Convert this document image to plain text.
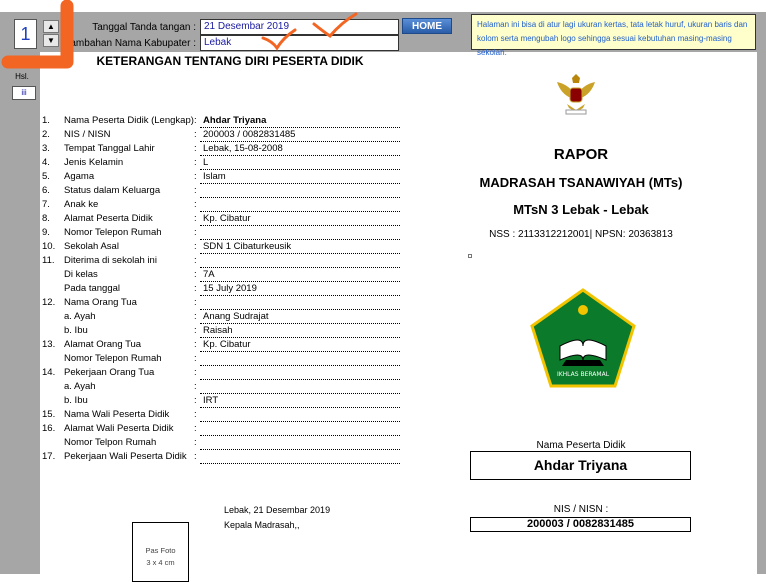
1	▲
▼
Tanggal Tanda tangan : 21 Desembar 2019
Tambahan Nama Kabupater : Lebak
HOME	Halaman ini bisa di atur lagi ukuran kertas, tata letak huruf, ukuran baris dan kolom serta mengubah logo sehingga sesuai kebutuhan masing-masing sekolah.
KETERANGAN TENTANG DIRI PESERTA DIDIK
Hsl.
iii
1. Nama Peserta Didik (Lengkap) : Ahdar Triyana
2. NIS / NISN	: 200003 / 0082831485
3. Tempat Tanggal Lahir	: Lebak, 15-08-2008
4. Jenis Kelamin	: L
5. Agama	: Islam
6. Status dalam Keluarga	:
7. Anak ke	:
8. Alamat Peserta Didik	: Kp. Cibatur
9. Nomor Telepon Rumah	:
10. Sekolah Asal	: SDN 1 Cibaturkeusik
11. Diterima di sekolah ini	:
Di kelas	: 7A
Pada tanggal	: 15 July 2019
12. Nama Orang Tua	:
a. Ayah	: Anang Sudrajat
b. Ibu	: Raisah
13. Alamat Orang Tua	: Kp. Cibatur
Nomor Telepon Rumah	:
14. Pekerjaan Orang Tua	:
a. Ayah	:
b. Ibu	: IRT
15. Nama Wali Peserta Didik	:
16. Alamat Wali Peserta Didik :
Nomor Telpon Rumah	:
17. Pekerjaan Wali Peserta Didik :
Lebak, 21 Desembar 2019
Kepala Madrasah,,
Pas Foto
3 x 4 cm
RAPOR
MADRASAH TSANAWIYAH (MTs)
MTsN 3 Lebak - Lebak
NSS : 2113312212001| NPSN: 20363813
IKHLAS BERAMAL
Nama Peserta Didik
Ahdar Triyana
NIS / NISN :
200003 / 0082831485
